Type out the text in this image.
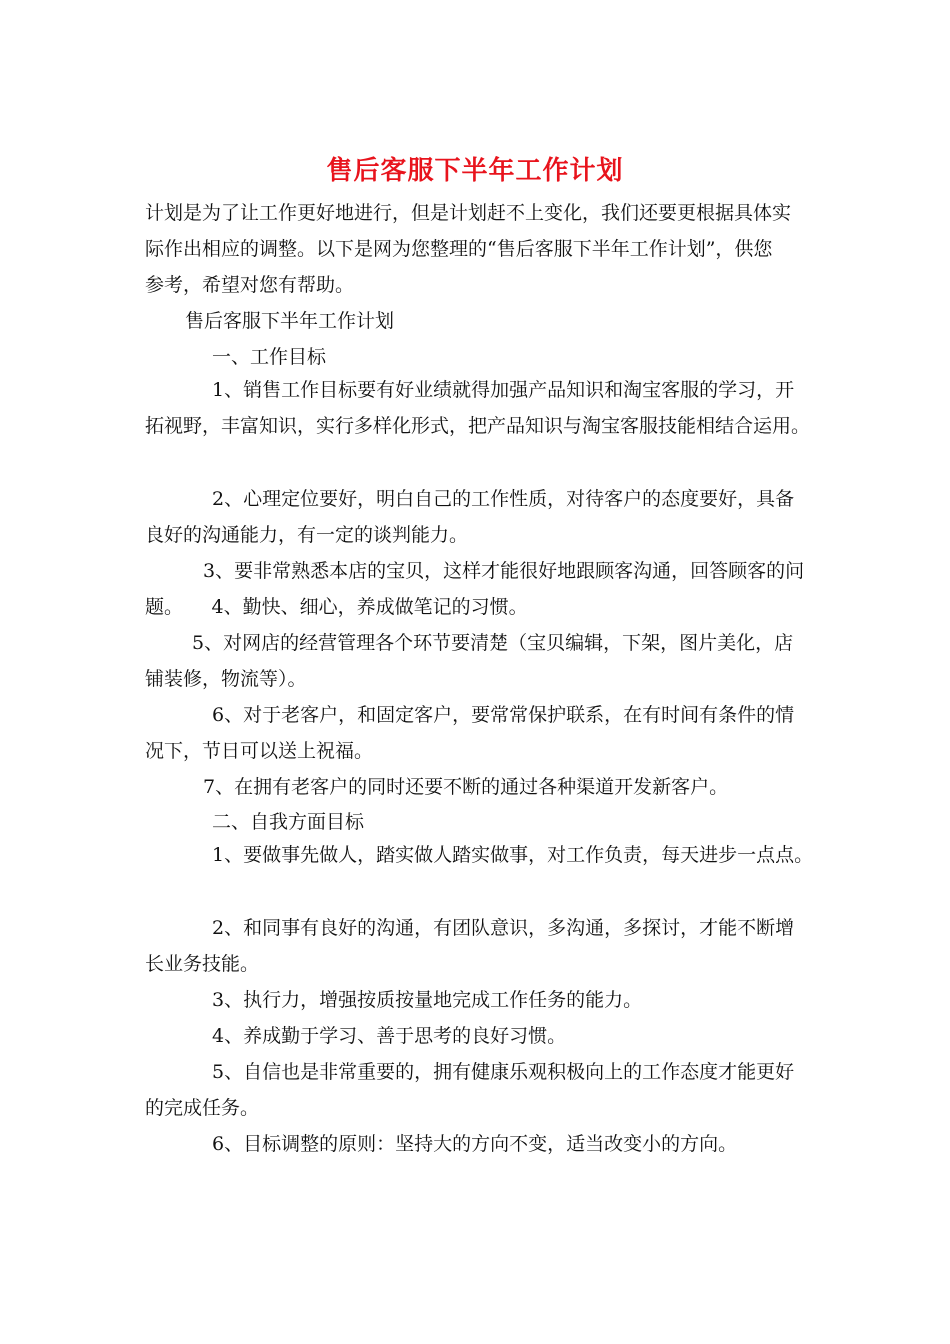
售后客服下半年工作计划
计划是为了让工作更好地进行，但是计划赶不上变化，我们还要更根据具体实
际作出相应的调整。以下是网为您整理的“售后客服下半年工作计划”，供您
参考，希望对您有帮助。
售后客服下半年工作计划
一、工作目标
1、销售工作目标要有好业绩就得加强产品知识和淘宝客服的学习，开
拓视野，丰富知识，实行多样化形式，把产品知识与淘宝客服技能相结合运用。
2、心理定位要好，明白自己的工作性质，对待客户的态度要好，具备
良好的沟通能力，有一定的谈判能力。
3、要非常熟悉本店的宝贝，这样才能很好地跟顾客沟通，回答顾客的问
题。　　4、勤快、细心，养成做笔记的习惯。
5、对网店的经营管理各个环节要清楚（宝贝编辑，下架，图片美化，店
铺装修，物流等）。
6、对于老客户，和固定客户，要常常保护联系，在有时间有条件的情
况下，节日可以送上祝福。
7、在拥有老客户的同时还要不断的通过各种渠道开发新客户。
二、自我方面目标
1、要做事先做人，踏实做人踏实做事，对工作负责，每天进步一点点。
2、和同事有良好的沟通，有团队意识，多沟通，多探讨，才能不断增
长业务技能。
3、执行力，增强按质按量地完成工作任务的能力。
4、养成勤于学习、善于思考的良好习惯。
5、自信也是非常重要的，拥有健康乐观积极向上的工作态度才能更好
的完成任务。
6、目标调整的原则：坚持大的方向不变，适当改变小的方向。
